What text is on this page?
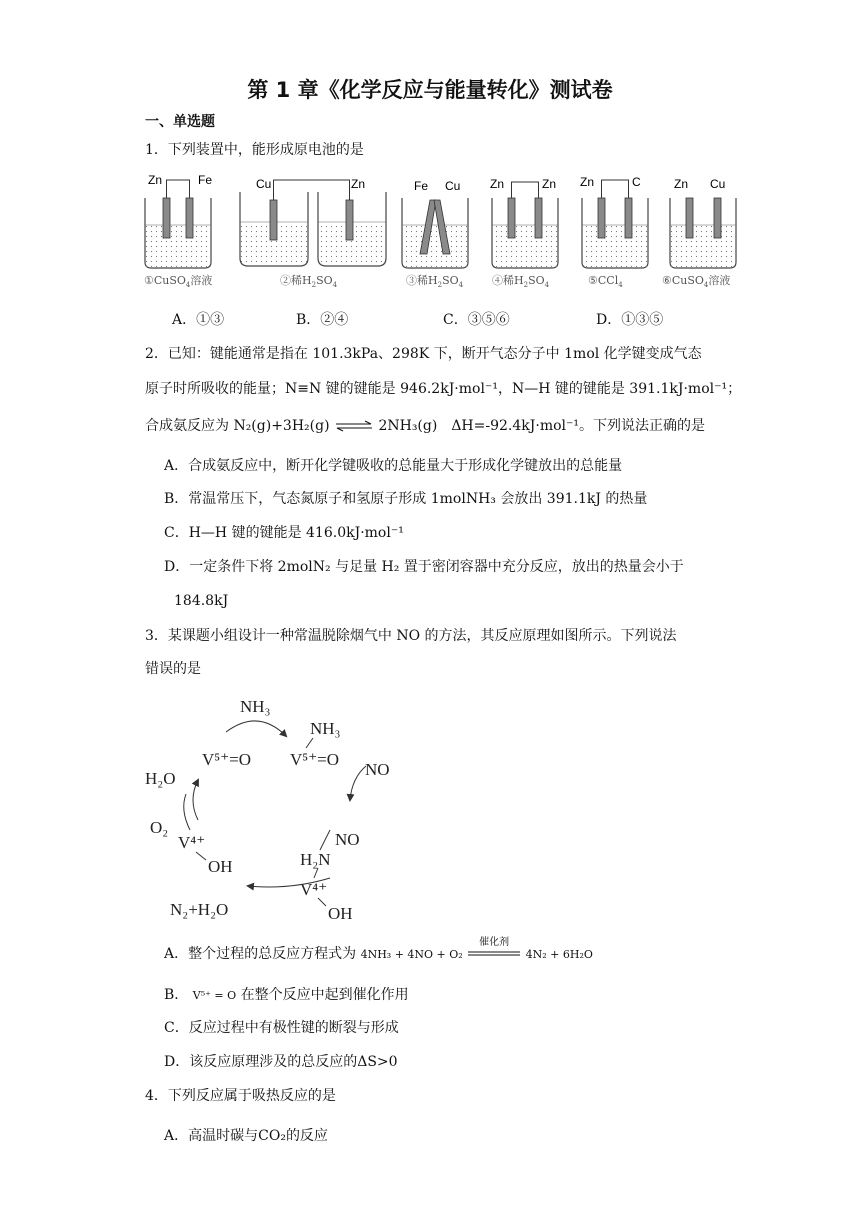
第 1 章《化学反应与能量转化》测试卷
一、单选题
1．下列装置中，能形成原电池的是
Zn	Fe
①CuSO$_4$溶液
Cu	Zn
②稀$H_2SO_4$
Fe Cu
③稀$H_2SO_4$
Zn	Zn
④稀$H_2SO_4$
Zn	C
⑤CCl$_4$
Zn Cu
⑥CuSO$_4$溶液
A．①③	B．②④	C．③⑤⑥	D．①③⑤
2．已知：键能通常是指在 101.3kPa、298K 下，断开气态分子中 1mol 化学键变成气态
原子时所吸收的能量；N≡N 键的键能是 946.2kJ·mol⁻¹，N—H 键的键能是 391.1kJ·mol⁻¹；
合成氨反应为 N₂(g)+3H₂(g) ⇌ 2NH₃(g)　ΔH=-92.4kJ·mol⁻¹。下列说法正确的是
A．合成氨反应中，断开化学键吸收的总能量大于形成化学键放出的总能量
B．常温常压下，气态氮原子和氢原子形成 1molNH₃ 会放出 391.1kJ 的热量
C．H—H 键的键能是 416.0kJ·mol⁻¹
D．一定条件下将 2molN₂ 与足量 H₂ 置于密闭容器中充分反应，放出的热量会小于
184.8kJ
3．某课题小组设计一种常温脱除烟气中 NO 的方法，其反应原理如图所示。下列说法
错误的是
NH₃
NH₃
V⁵⁺=O V⁵⁺=O
NO
H₂O
NO
O₂
V⁴⁺
OH	H₂N
V⁴⁺
OH
N₂+H₂O
A．整个过程的总反应方程式为 4NH₃ + 4NO + O₂
催化剂
4N₂ + 6H₂O
B． V⁵⁺ = O 在整个反应中起到催化作用
C．反应过程中有极性键的断裂与形成
D．该反应原理涉及的总反应的ΔS>0
4．下列反应属于吸热反应的是
A．高温时碳与CO₂的反应
